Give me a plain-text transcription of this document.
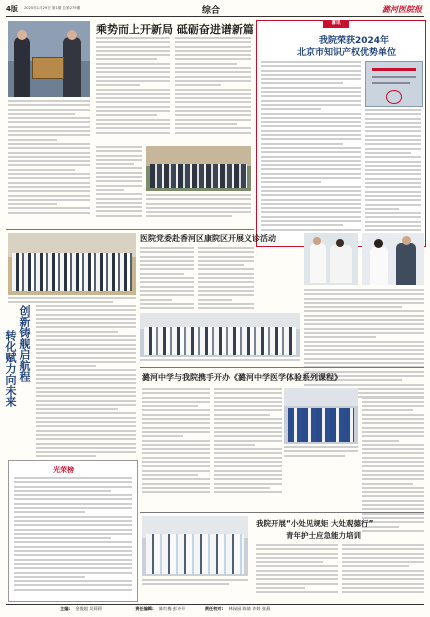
4版 2025年1月29日 第1期 总第279期	综合	潞河医院报
乘势而上开新局 砥砺奋进谱新篇	喜讯
我院荣获2024年
北京市知识产权优势单位
医院党委赴香河区康院区开展义诊活动
创新铸舰启航程
转化赋力向未来	潞河中学与我院携手开办《潞河中学医学体验系列课程》
光荣榜
我院开展“小处见规矩 大处观德行”
青年护士应急能力培训
主编: 金俊超 吴莉莉	责任编辑: 陈红梅 彭卉开	责任校对: 林园园 陈倩 许婷 张燕
